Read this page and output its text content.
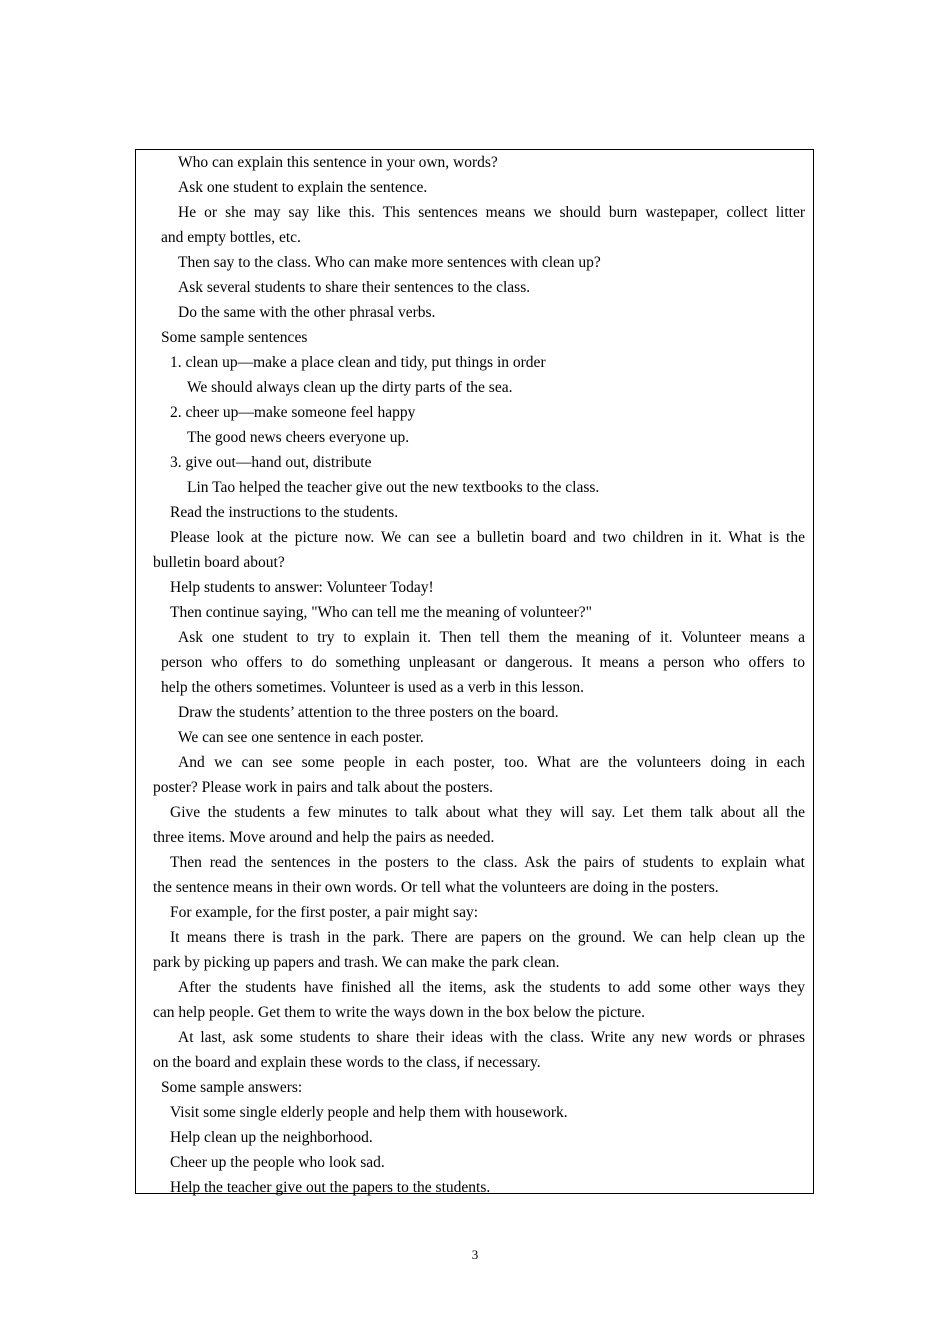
Who can explain this sentence in your own, words?
Ask one student to explain the sentence.
He or she may say like this. This sentences means we should burn wastepaper, collect litter
and empty bottles, etc.
Then say to the class. Who can make more sentences with clean up?
Ask several students to share their sentences to the class.
Do the same with the other phrasal verbs.
Some sample sentences
1. clean up—make a place clean and tidy, put things in order
We should always clean up the dirty parts of the sea.
2. cheer up—make someone feel happy
The good news cheers everyone up.
3. give out—hand out, distribute
Lin Tao helped the teacher give out the new textbooks to the class.
Read the instructions to the students.
Please look at the picture now. We can see a bulletin board and two children in it. What is the
bulletin board about?
Help students to answer: Volunteer Today!
Then continue saying, "Who can tell me the meaning of volunteer?"
Ask one student to try to explain it. Then tell them the meaning of it. Volunteer means a
person who offers to do something unpleasant or dangerous. It means a person who offers to
help the others sometimes. Volunteer is used as a verb in this lesson.
Draw the students’ attention to the three posters on the board.
We can see one sentence in each poster.
And we can see some people in each poster, too. What are the volunteers doing in each
poster? Please work in pairs and talk about the posters.
Give the students a few minutes to talk about what they will say. Let them talk about all the
three items. Move around and help the pairs as needed.
Then read the sentences in the posters to the class. Ask the pairs of students to explain what
the sentence means in their own words. Or tell what the volunteers are doing in the posters.
For example, for the first poster, a pair might say:
It means there is trash in the park. There are papers on the ground. We can help clean up the
park by picking up papers and trash. We can make the park clean.
After the students have finished all the items, ask the students to add some other ways they
can help people. Get them to write the ways down in the box below the picture.
At last, ask some students to share their ideas with the class. Write any new words or phrases
on the board and explain these words to the class, if necessary.
Some sample answers:
Visit some single elderly people and help them with housework.
Help clean up the neighborhood.
Cheer up the people who look sad.
Help the teacher give out the papers to the students.
3
